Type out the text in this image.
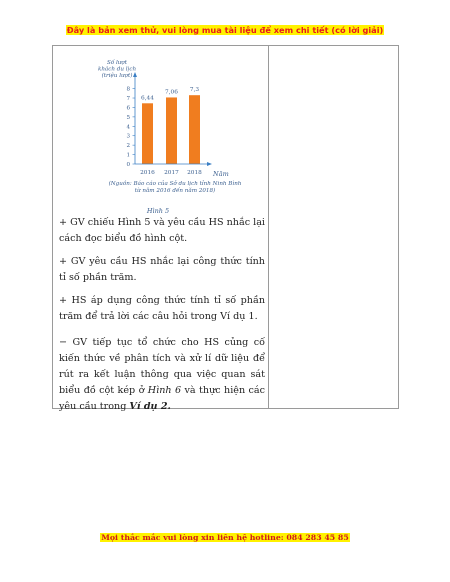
Đây là bản xem thử, vui lòng mua tài liệu để xem chi tiết (có lời giải)
Số lượt
khách du lịch
(triệu lượt)
0
1
2
3
4
5
6
7
8
6,44
2016
7,06
2017
7,3
2018 Năm
(Nguồn: Báo cáo của Sở du lịch tỉnh Ninh Bình
từ năm 2016 đến năm 2018)
Hình 5

+ GV chiếu Hình 5 và yêu cầu HS nhắc lại cách đọc biểu đồ hình cột.

+ GV yêu cầu HS nhắc lại công thức tính tỉ số phần trăm.

+ HS áp dụng công thức tính tỉ số phần trăm để trả lời các câu hỏi trong Ví dụ 1.

− GV tiếp tục tổ chức cho HS củng cố kiến thức về phân tích và xử lí dữ liệu để rút ra kết luận thông qua việc quan sát biểu đồ cột kép ở Hình 6 và thực hiện các yêu cầu trong Ví dụ 2.

Mọi thắc mắc vui lòng xin liên hệ hotline: 084 283 45 85
